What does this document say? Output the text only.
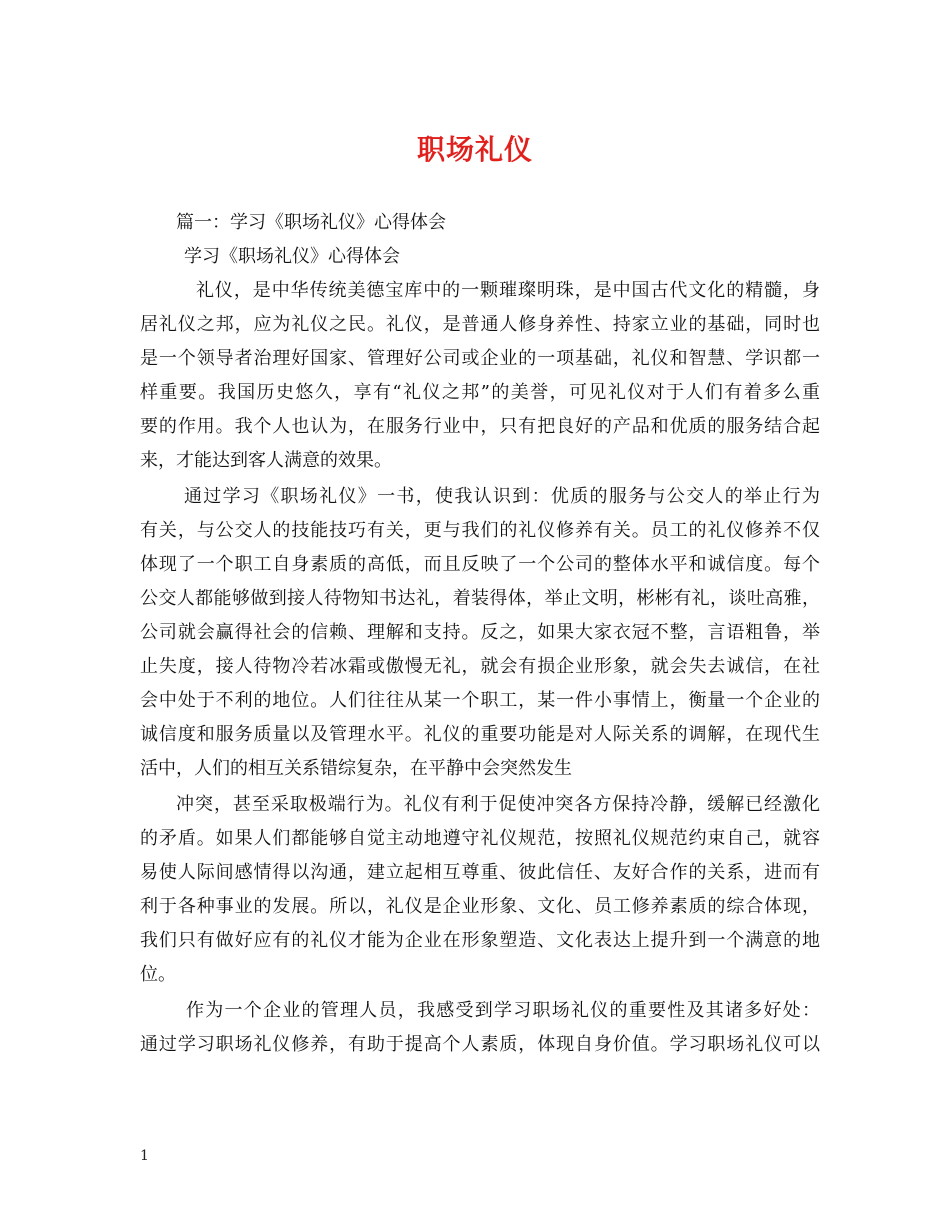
职场礼仪
篇一：学习《职场礼仪》心得体会
学习《职场礼仪》心得体会
礼仪，是中华传统美德宝库中的一颗璀璨明珠，是中国古代文化的精髓，身
居礼仪之邦，应为礼仪之民。礼仪，是普通人修身养性、持家立业的基础，同时也
是一个领导者治理好国家、管理好公司或企业的一项基础，礼仪和智慧、学识都一
样重要。我国历史悠久，享有“礼仪之邦”的美誉，可见礼仪对于人们有着多么重
要的作用。我个人也认为，在服务行业中，只有把良好的产品和优质的服务结合起
来，才能达到客人满意的效果。
通过学习《职场礼仪》一书，使我认识到：优质的服务与公交人的举止行为
有关，与公交人的技能技巧有关，更与我们的礼仪修养有关。员工的礼仪修养不仅
体现了一个职工自身素质的高低，而且反映了一个公司的整体水平和诚信度。每个
公交人都能够做到接人待物知书达礼，着装得体，举止文明，彬彬有礼，谈吐高雅，
公司就会赢得社会的信赖、理解和支持。反之，如果大家衣冠不整，言语粗鲁，举
止失度，接人待物冷若冰霜或傲慢无礼，就会有损企业形象，就会失去诚信，在社
会中处于不利的地位。人们往往从某一个职工，某一件小事情上，衡量一个企业的
诚信度和服务质量以及管理水平。礼仪的重要功能是对人际关系的调解，在现代生
活中，人们的相互关系错综复杂，在平静中会突然发生
冲突，甚至采取极端行为。礼仪有利于促使冲突各方保持冷静，缓解已经激化
的矛盾。如果人们都能够自觉主动地遵守礼仪规范，按照礼仪规范约束自己，就容
易使人际间感情得以沟通，建立起相互尊重、彼此信任、友好合作的关系，进而有
利于各种事业的发展。所以，礼仪是企业形象、文化、员工修养素质的综合体现，
我们只有做好应有的礼仪才能为企业在形象塑造、文化表达上提升到一个满意的地
位。
作为一个企业的管理人员，我感受到学习职场礼仪的重要性及其诸多好处：
通过学习职场礼仪修养，有助于提高个人素质，体现自身价值。学习职场礼仪可以
1
